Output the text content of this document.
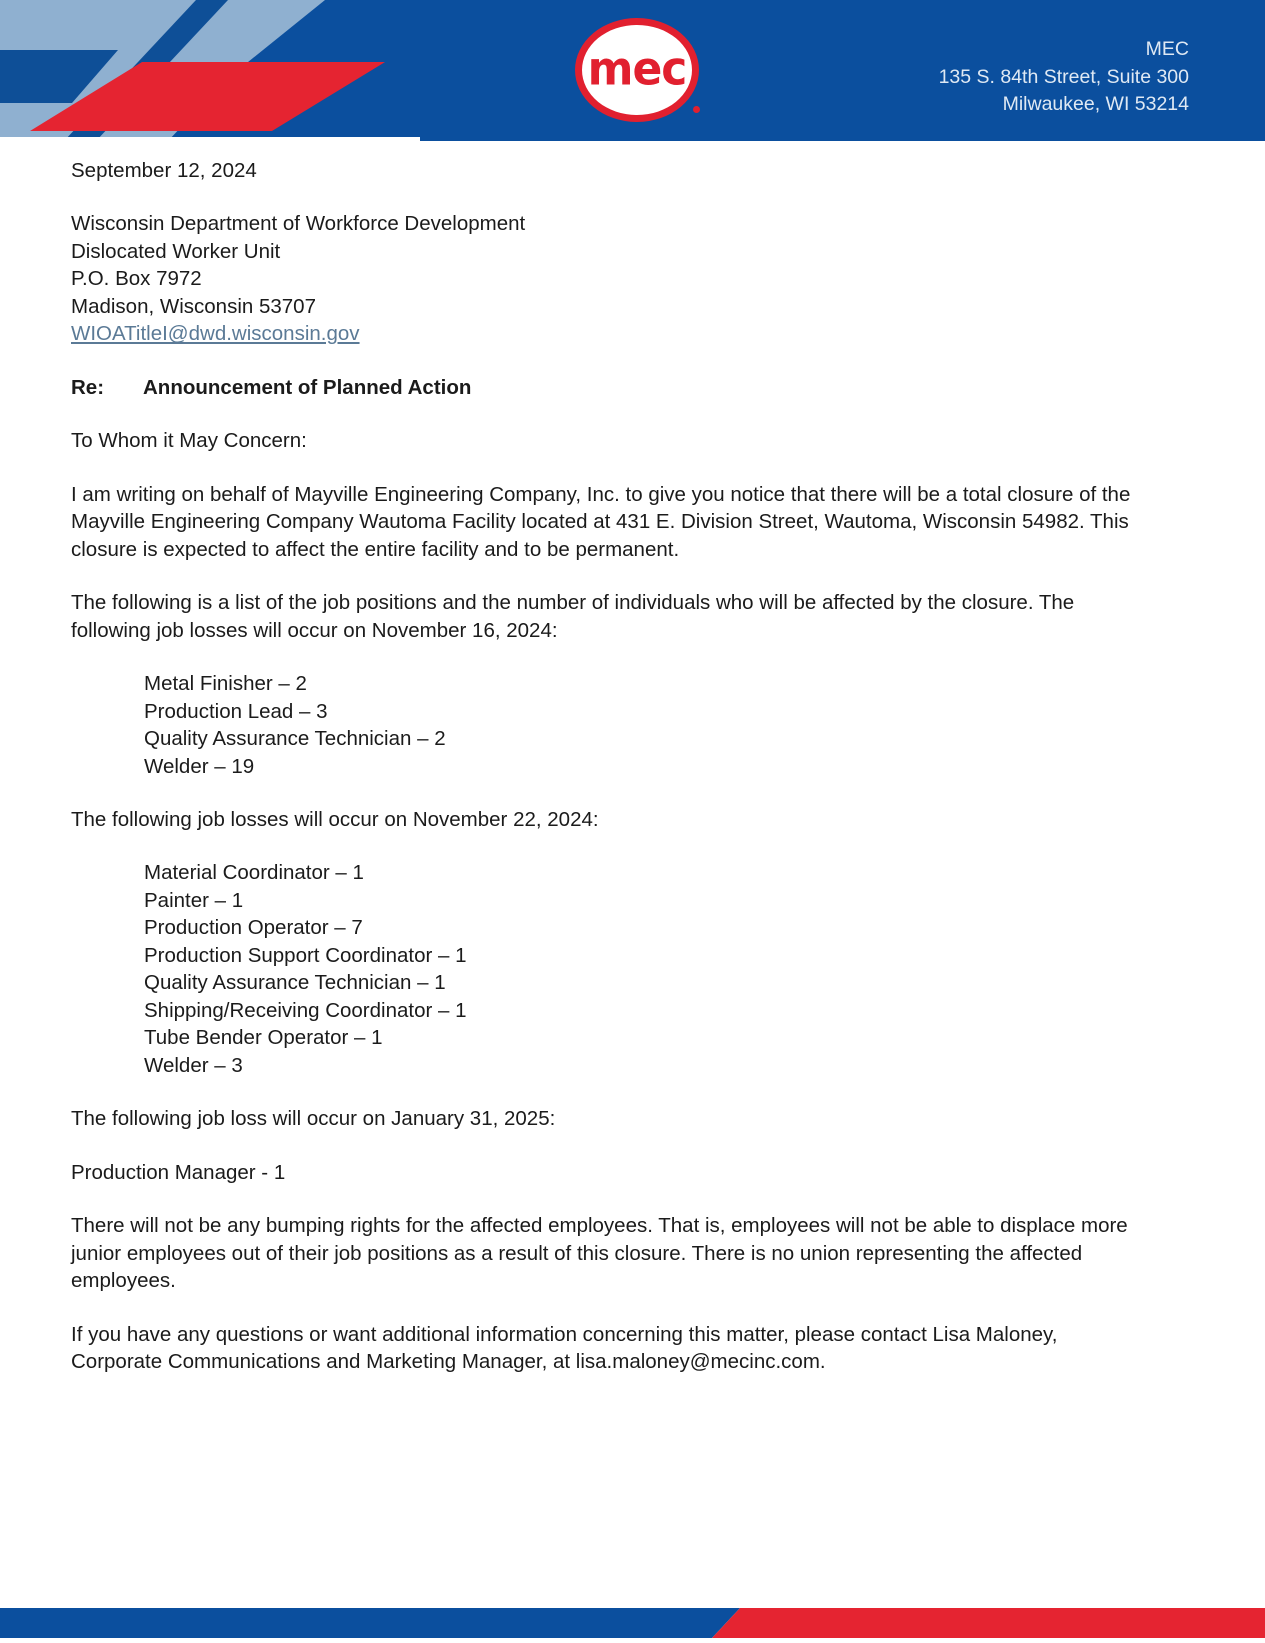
mec	MEC
135 S. 84th Street, Suite 300
Milwaukee, WI 53214

September 12, 2024

Wisconsin Department of Workforce Development
Dislocated Worker Unit
P.O. Box 7972
Madison, Wisconsin 53707
WIOATitleI@dwd.wisconsin.gov

Re: Announcement of Planned Action

To Whom it May Concern:

I am writing on behalf of Mayville Engineering Company, Inc. to give you notice that there will be a total closure of the Mayville Engineering Company Wautoma Facility located at 431 E. Division Street, Wautoma, Wisconsin 54982. This closure is expected to affect the entire facility and to be permanent.

The following is a list of the job positions and the number of individuals who will be affected by the closure. The following job losses will occur on November 16, 2024:

Metal Finisher – 2
Production Lead – 3
Quality Assurance Technician – 2
Welder – 19

The following job losses will occur on November 22, 2024:

Material Coordinator – 1
Painter – 1
Production Operator – 7
Production Support Coordinator – 1
Quality Assurance Technician – 1
Shipping/Receiving Coordinator – 1
Tube Bender Operator – 1
Welder – 3

The following job loss will occur on January 31, 2025:

Production Manager - 1

There will not be any bumping rights for the affected employees. That is, employees will not be able to displace more junior employees out of their job positions as a result of this closure. There is no union representing the affected employees.

If you have any questions or want additional information concerning this matter, please contact Lisa Maloney, Corporate Communications and Marketing Manager, at lisa.maloney@mecinc.com.
